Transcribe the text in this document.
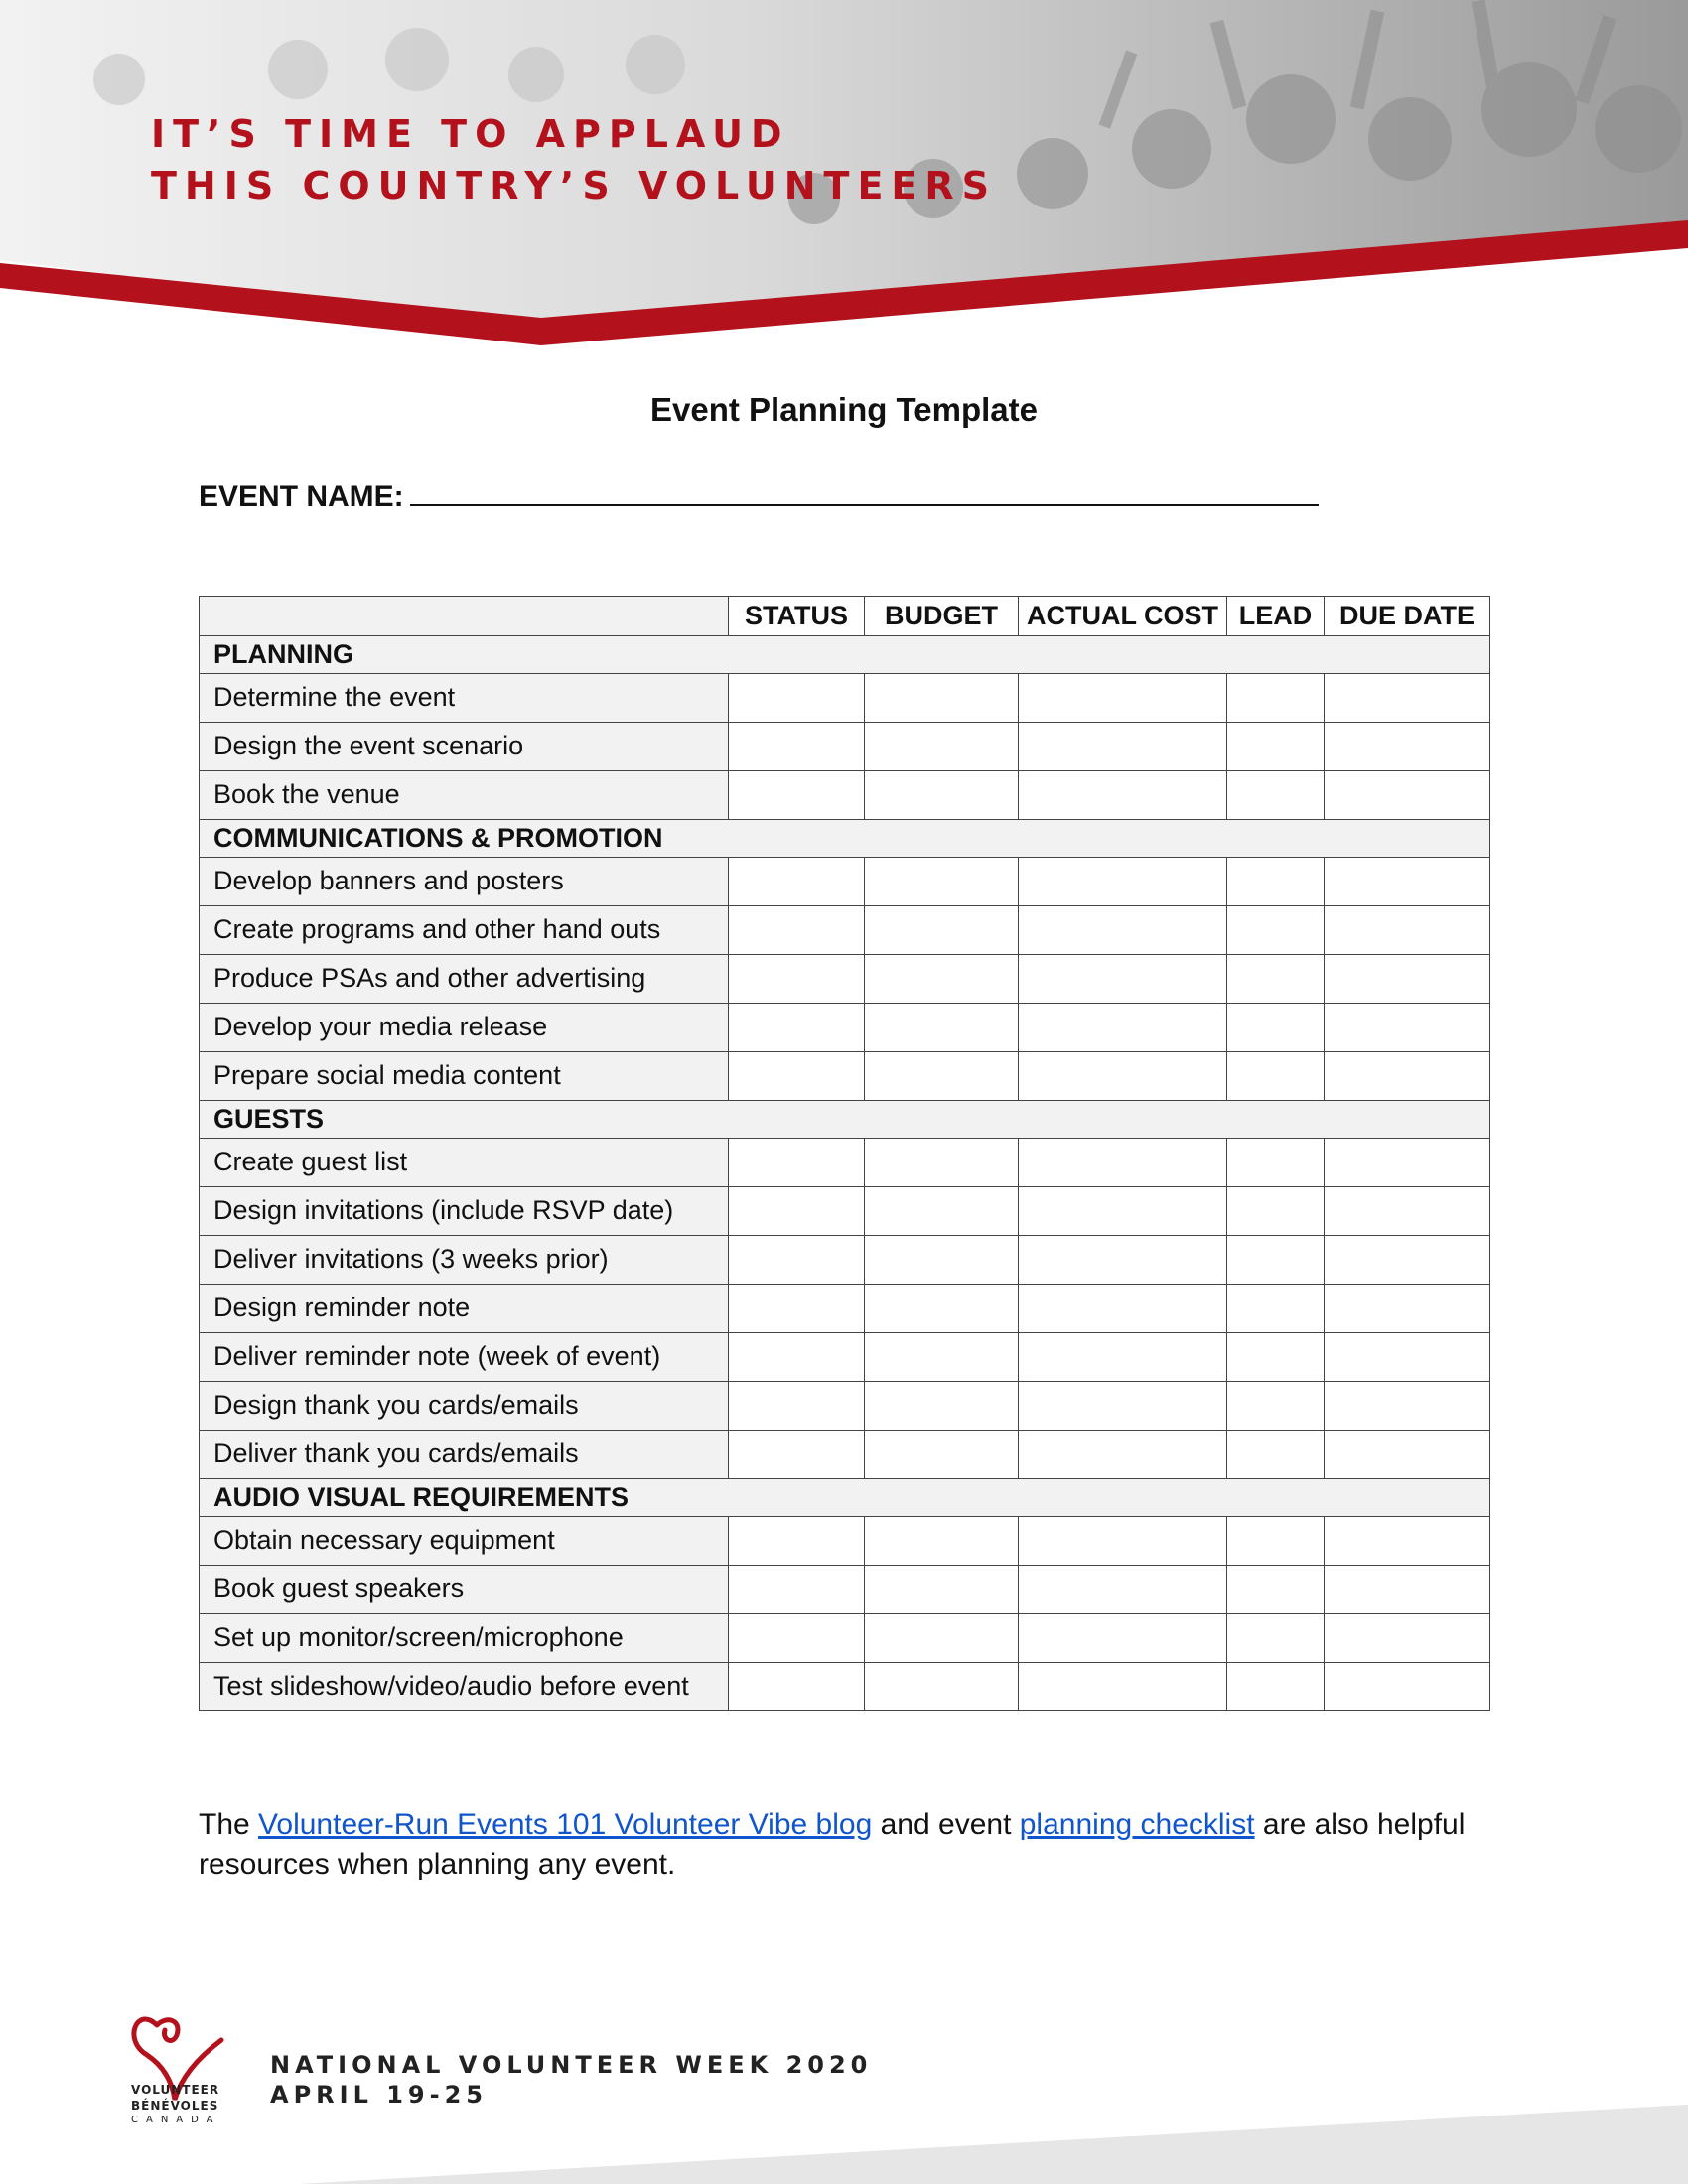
IT’S TIME TO APPLAUD
THIS COUNTRY’S VOLUNTEERS
Event Planning Template
EVENT NAME:
	STATUS	BUDGET	ACTUAL COST	LEAD	DUE DATE
PLANNING					
Determine the event					
Design the event scenario					
Book the venue					
COMMUNICATIONS & PROMOTION					
Develop banners and posters					
Create programs and other hand outs					
Produce PSAs and other advertising					
Develop your media release					
Prepare social media content					
GUESTS					
Create guest list					
Design invitations (include RSVP date)					
Deliver invitations (3 weeks prior)					
Design reminder note					
Deliver reminder note (week of event)					
Design thank you cards/emails					
Deliver thank you cards/emails					
AUDIO VISUAL REQUIREMENTS					
Obtain necessary equipment					
Book guest speakers					
Set up monitor/screen/microphone					
Test slideshow/video/audio before event					
The Volunteer-Run Events 101 Volunteer Vibe blog and event planning checklist are also helpful resources when planning any event.
VOLUNTEER
BÉNÉVOLES
CANADA
NATIONAL VOLUNTEER WEEK 2020
APRIL 19-25
